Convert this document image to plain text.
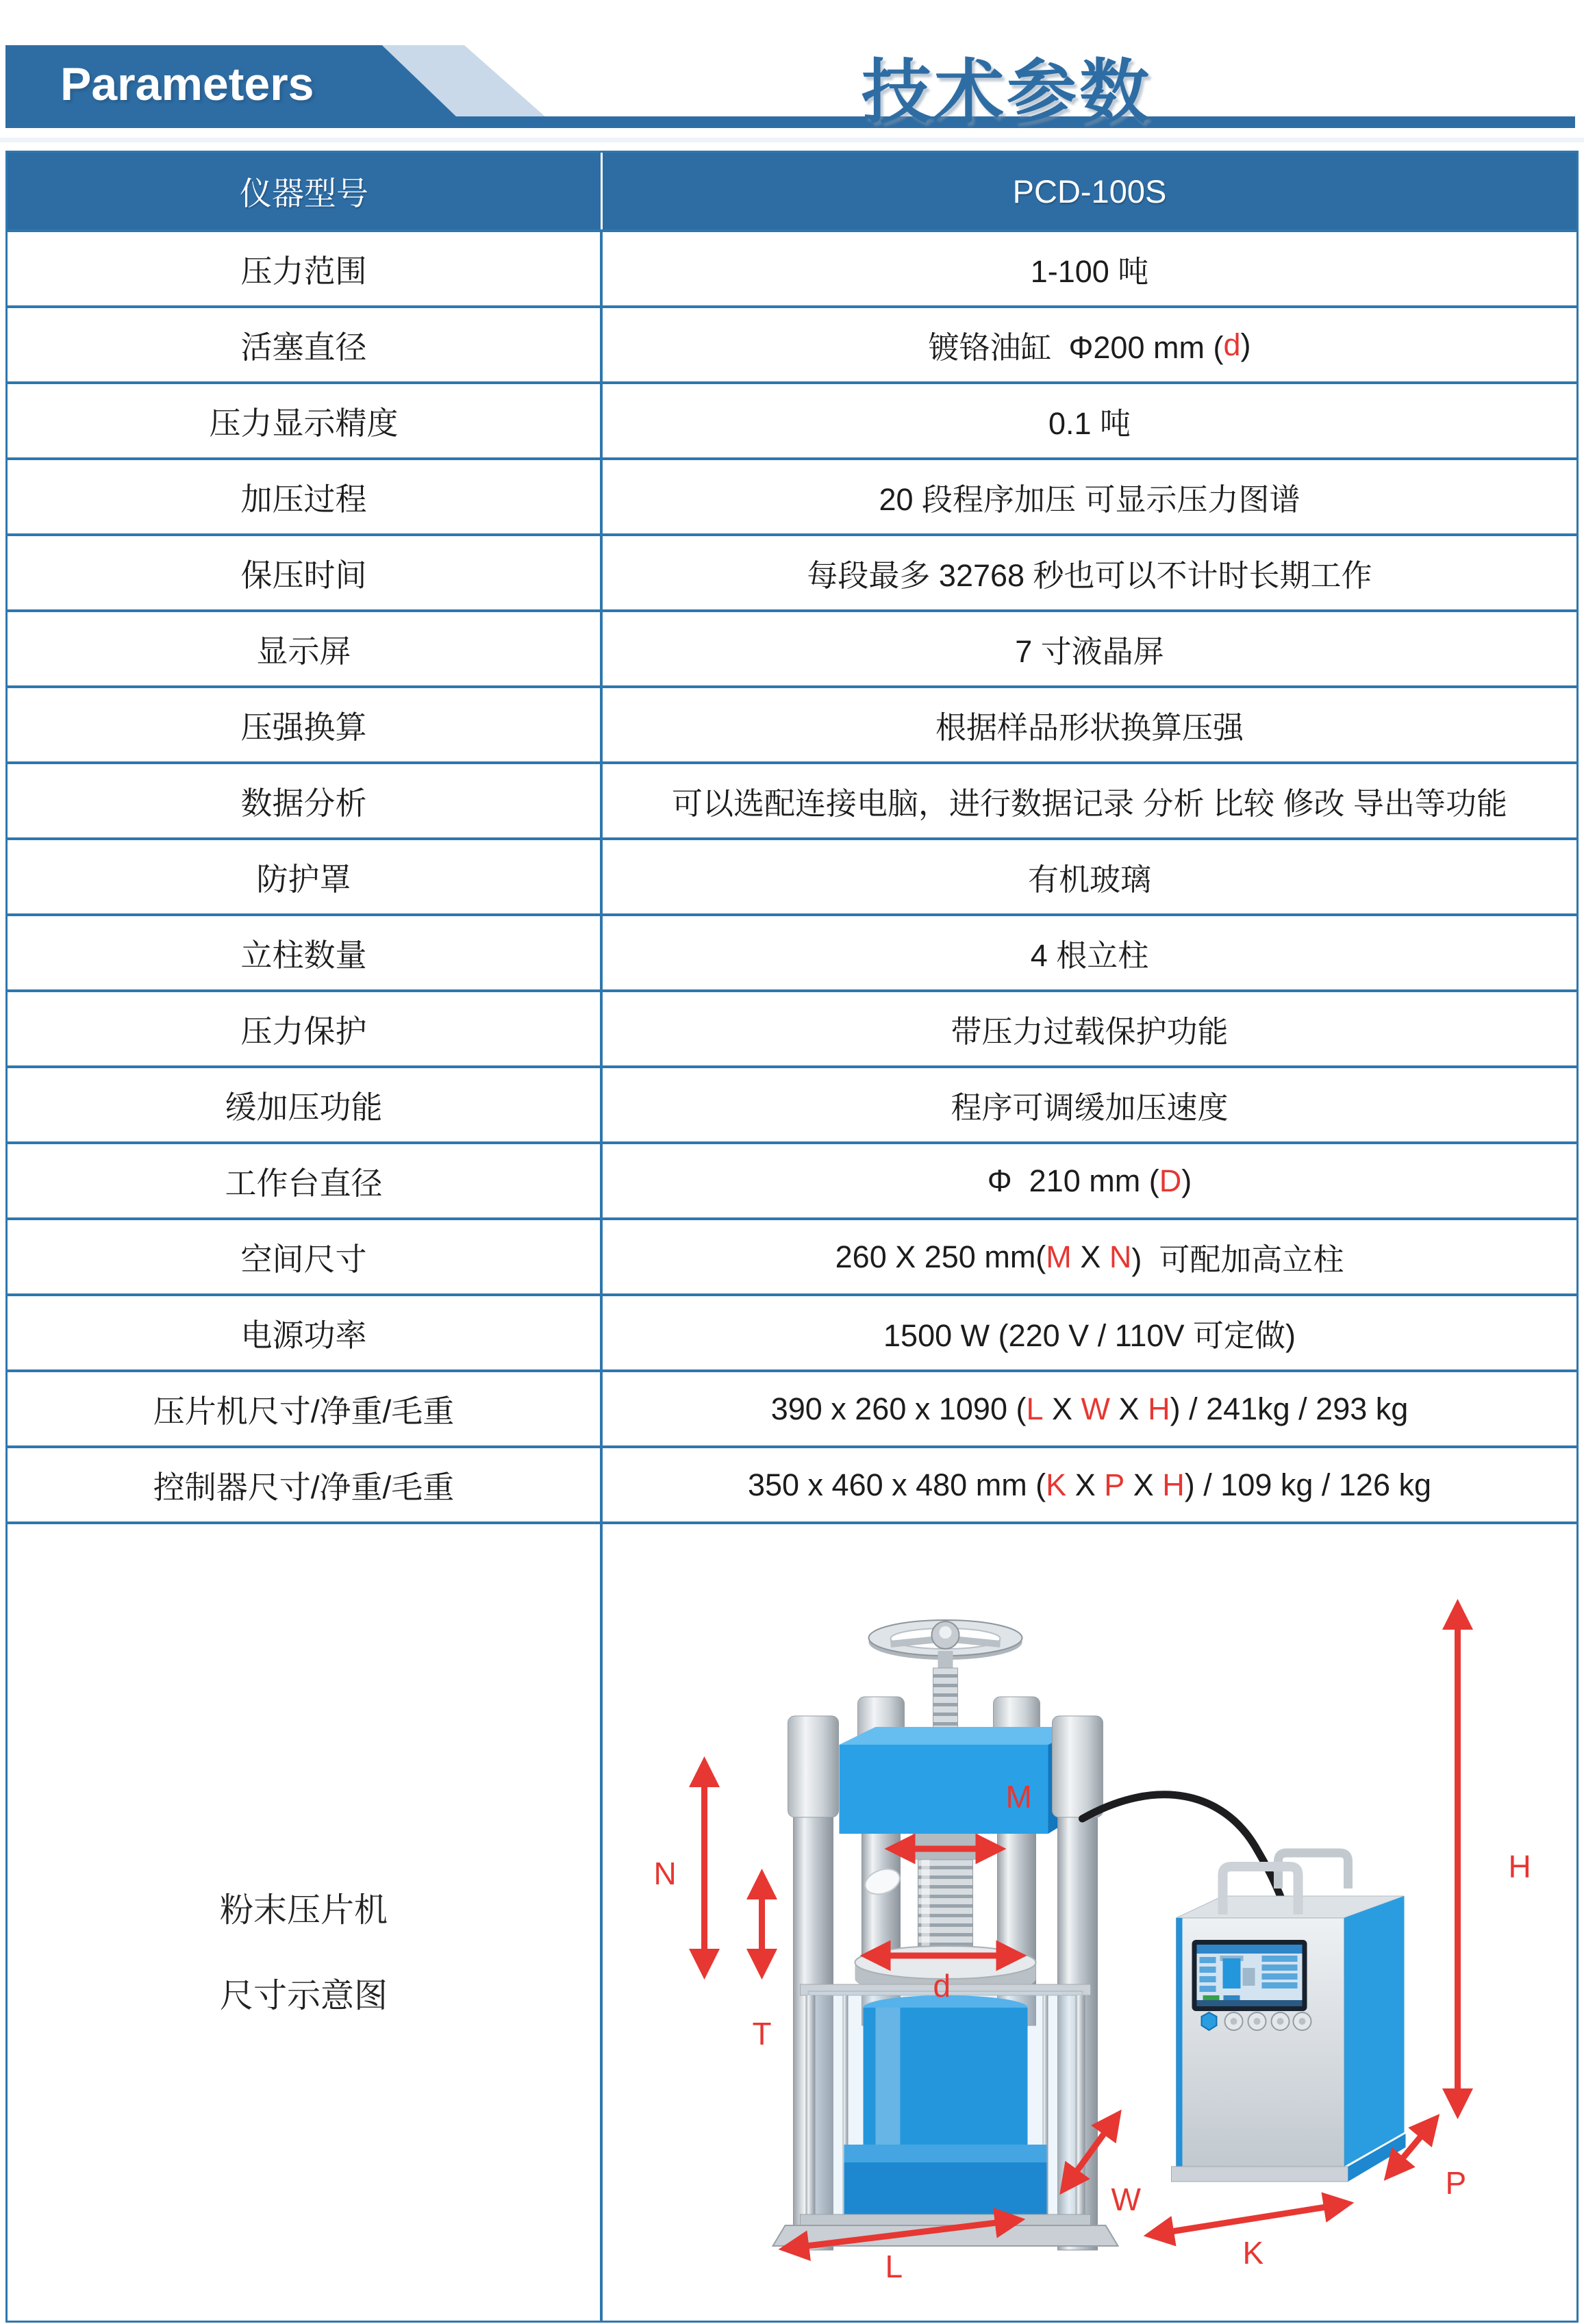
Parameters	技术参数
仪器型号	PCD-100S
压力范围	1-100 吨
活塞直径	镀铬油缸  Φ200 mm ( d )
压力显示精度	0.1 吨
加压过程	20 段程序加压 可显示压力图谱
保压时间	每段最多 32768 秒也可以不计时长期工作
显示屏	7 寸液晶屏
压强换算	根据样品形状换算压强
数据分析	可以选配连接电脑，进行数据记录 分析 比较 修改 导出等功能
防护罩	有机玻璃
立柱数量	4 根立柱
压力保护	带压力过载保护功能
缓加压功能	程序可调缓加压速度
工作台直径	Φ  210 mm ( D )
空间尺寸	260 X 250 mm( M X N )  可配加高立柱
电源功率	1500 W (220 V / 110V 可定做)
压片机尺寸/净重/毛重	390 x 260 x 1090 ( L X W X H ) / 241kg / 293 kg
控制器尺寸/净重/毛重	350 x 460 x 480 mm ( K X P X H ) / 109 kg / 126 kg
粉末压片机
尺寸示意图
N
T
M
d
H
W
L	K
P
